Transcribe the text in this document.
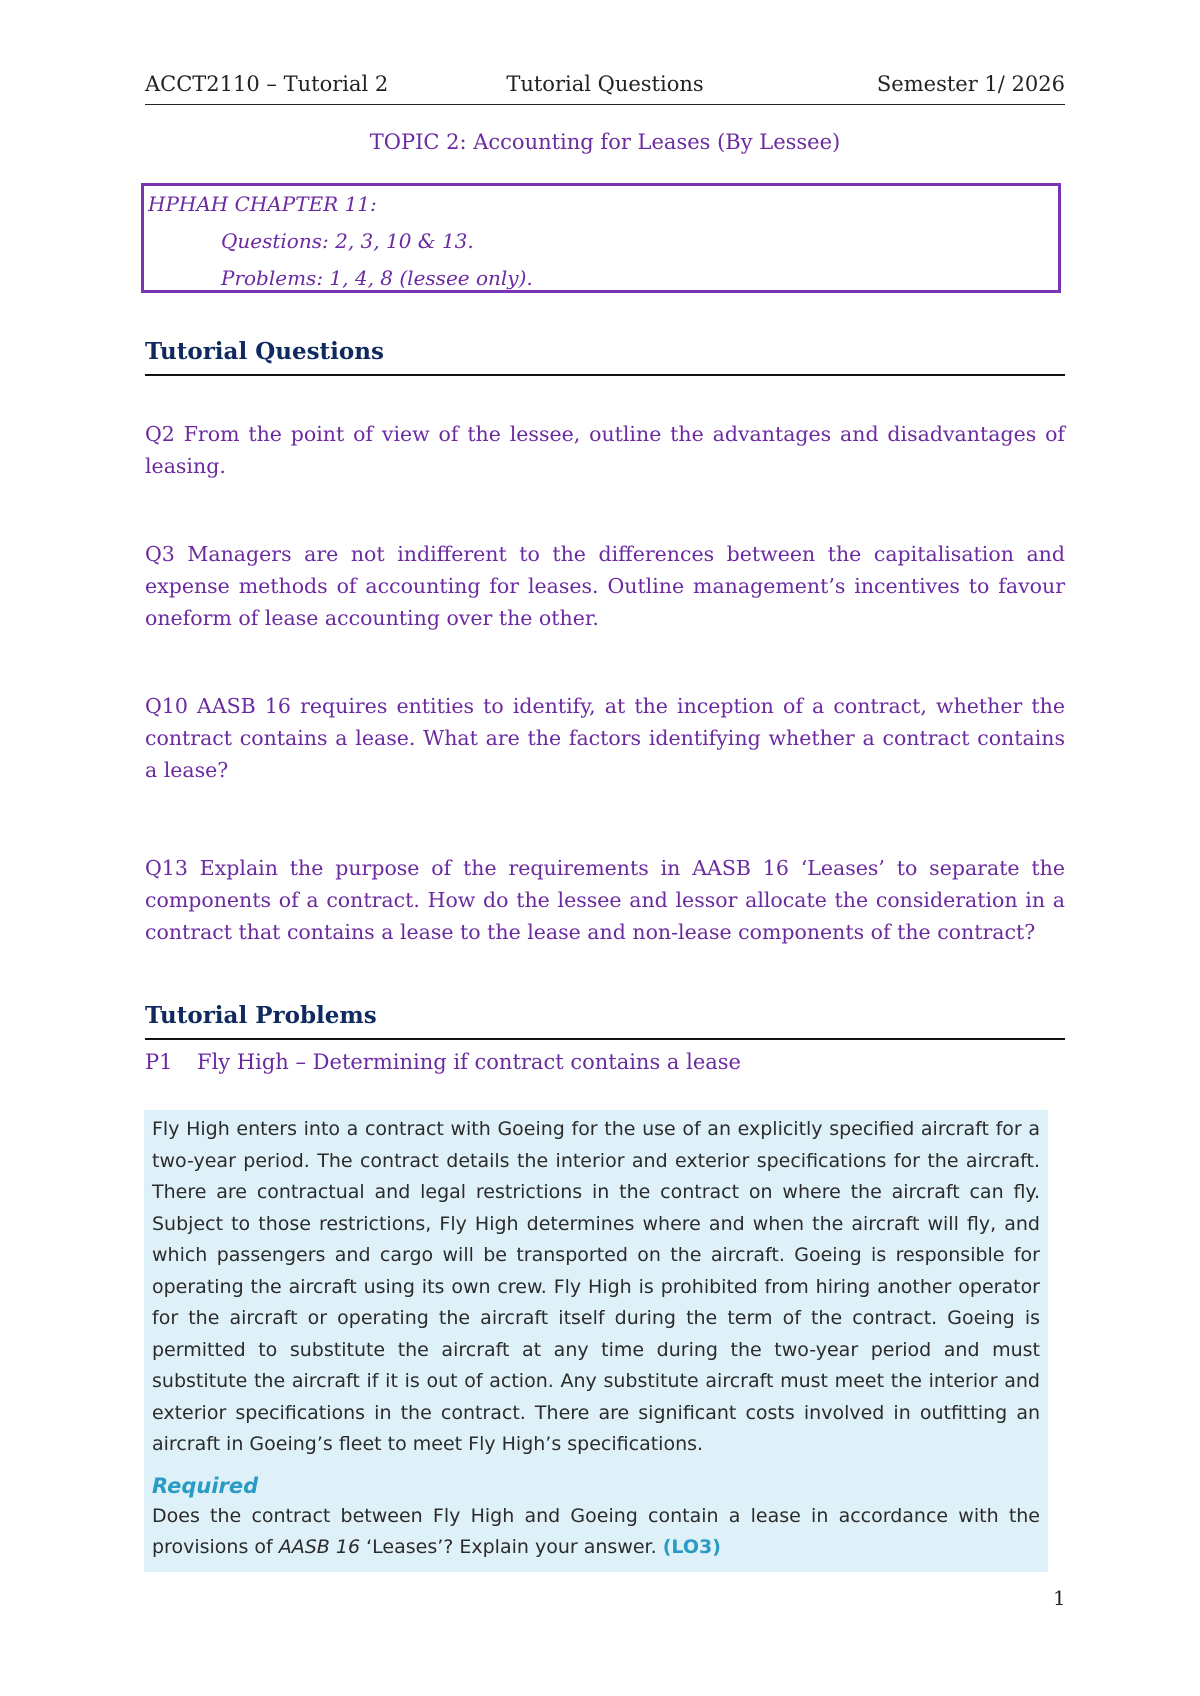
ACCT2110 – Tutorial 2	Tutorial Questions	Semester 1/ 2026
TOPIC 2: Accounting for Leases (By Lessee)
HPHAH CHAPTER 11:
Questions: 2, 3, 10 & 13.
Problems: 1, 4, 8 (lessee only).
Tutorial Questions
Q2 From the point of view of the lessee, outline the advantages and disadvantages of leasing.
Q3 Managers are not indifferent to the differences between the capitalisation and expense methods of accounting for leases. Outline management’s incentives to favour oneform of lease accounting over the other.
Q10 AASB 16 requires entities to identify, at the inception of a contract, whether the contract contains a lease. What are the factors identifying whether a contract contains a lease?
Q13 Explain the purpose of the requirements in AASB 16 ‘Leases’ to separate the components of a contract. How do the lessee and lessor allocate the consideration in a contract that contains a lease to the lease and non-lease components of the contract?
Tutorial Problems
P1 Fly High – Determining if contract contains a lease

Fly High enters into a contract with Goeing for the use of an explicitly specified aircraft for a two-year period. The contract details the interior and exterior specifications for the aircraft. There are contractual and legal restrictions in the contract on where the aircraft can fly. Subject to those restrictions, Fly High determines where and when the aircraft will fly, and which passengers and cargo will be transported on the aircraft. Goeing is responsible for operating the aircraft using its own crew. Fly High is prohibited from hiring another operator for the aircraft or operating the aircraft itself during the term of the contract. Goeing is permitted to substitute the aircraft at any time during the two-year period and must substitute the aircraft if it is out of action. Any substitute aircraft must meet the interior and exterior specifications in the contract. There are significant costs involved in outfitting an aircraft in Goeing’s fleet to meet Fly High’s specifications.

Required

Does the contract between Fly High and Goeing contain a lease in accordance with the provisions of AASB 16 ‘Leases’? Explain your answer. (LO3)

1
